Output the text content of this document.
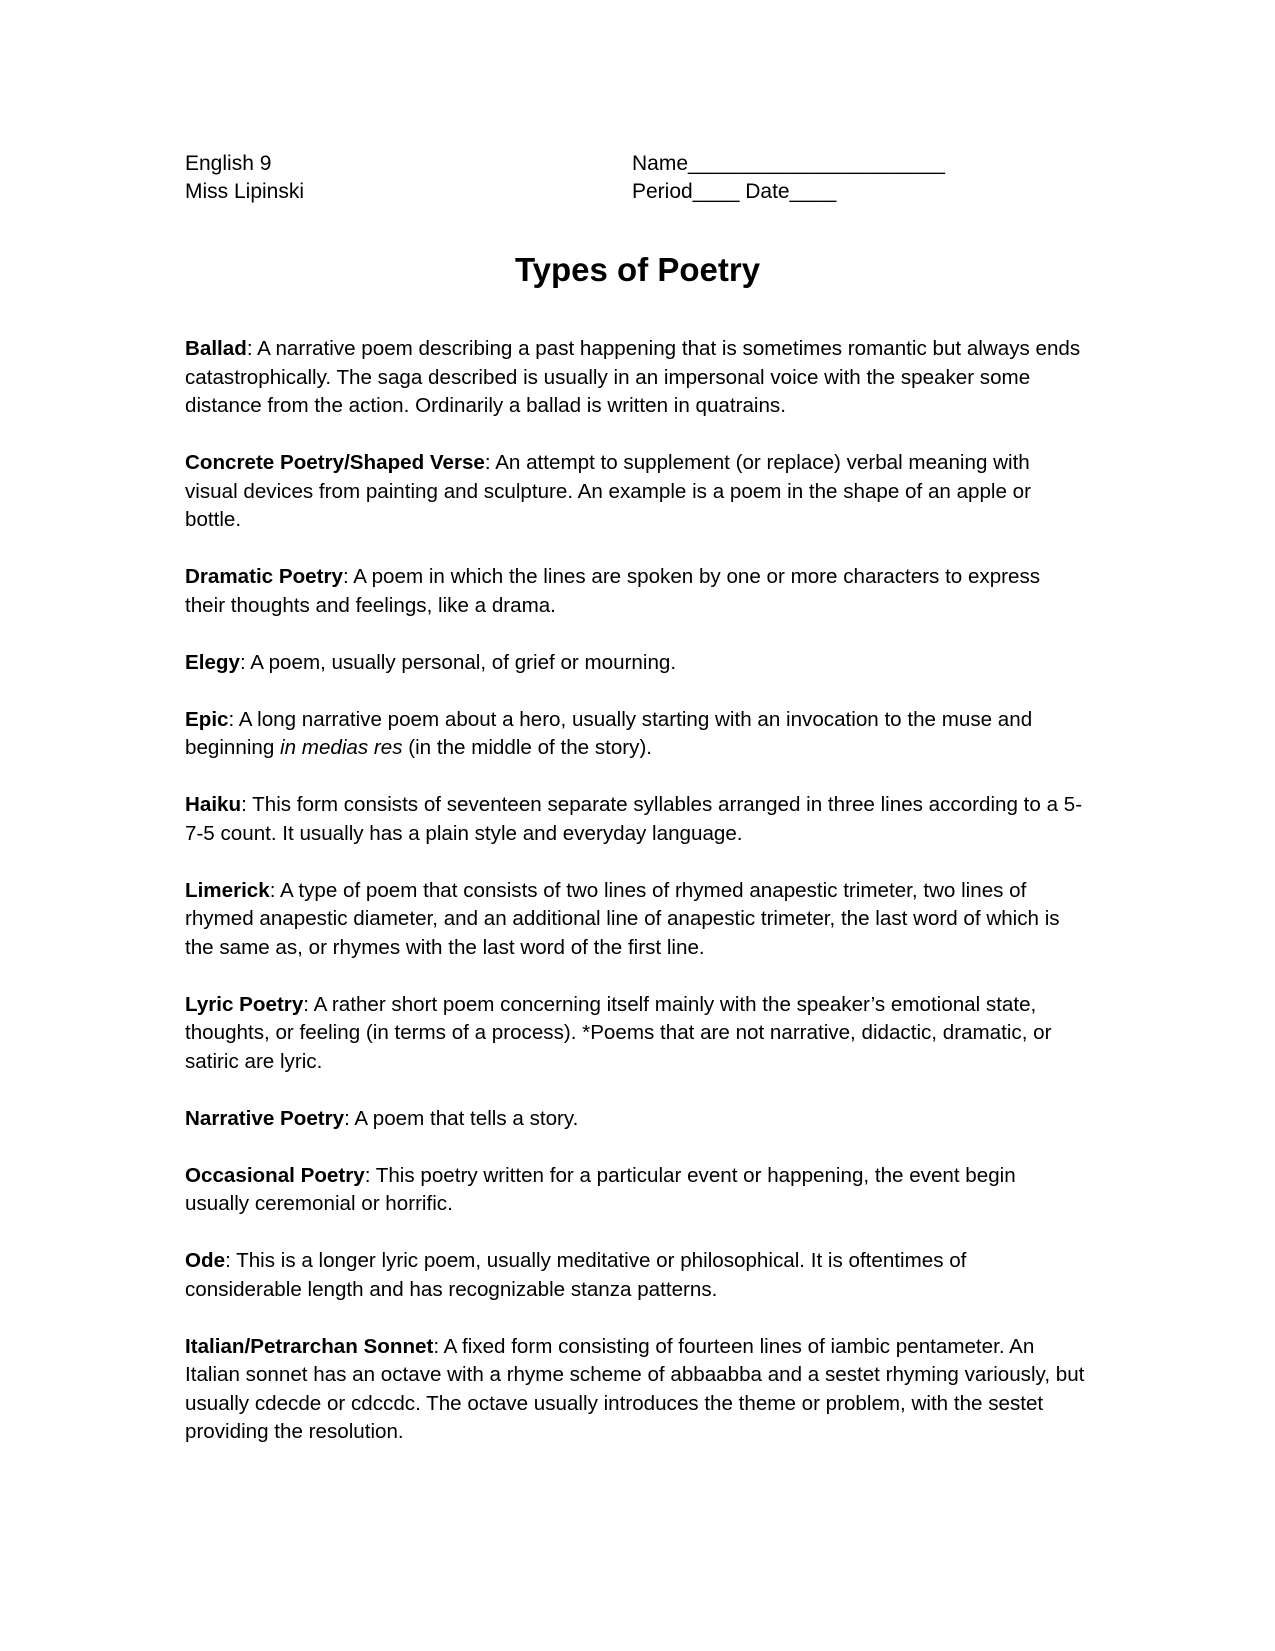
English 9
Miss Lipinski
Name______________________
Period____ Date____
Types of Poetry

Ballad: A narrative poem describing a past happening that is sometimes romantic but always ends catastrophically. The saga described is usually in an impersonal voice with the speaker some distance from the action. Ordinarily a ballad is written in quatrains.

Concrete Poetry/Shaped Verse: An attempt to supplement (or replace) verbal meaning with visual devices from painting and sculpture. An example is a poem in the shape of an apple or bottle.

Dramatic Poetry: A poem in which the lines are spoken by one or more characters to express their thoughts and feelings, like a drama.

Elegy: A poem, usually personal, of grief or mourning.

Epic: A long narrative poem about a hero, usually starting with an invocation to the muse and beginning in medias res (in the middle of the story).

Haiku: This form consists of seventeen separate syllables arranged in three lines according to a 5-7-5 count. It usually has a plain style and everyday language.

Limerick: A type of poem that consists of two lines of rhymed anapestic trimeter, two lines of rhymed anapestic diameter, and an additional line of anapestic trimeter, the last word of which is the same as, or rhymes with the last word of the first line.

Lyric Poetry: A rather short poem concerning itself mainly with the speaker’s emotional state, thoughts, or feeling (in terms of a process). *Poems that are not narrative, didactic, dramatic, or satiric are lyric.

Narrative Poetry: A poem that tells a story.

Occasional Poetry: This poetry written for a particular event or happening, the event begin usually ceremonial or horrific.

Ode: This is a longer lyric poem, usually meditative or philosophical. It is oftentimes of considerable length and has recognizable stanza patterns.

Italian/Petrarchan Sonnet: A fixed form consisting of fourteen lines of iambic pentameter. An Italian sonnet has an octave with a rhyme scheme of abbaabba and a sestet rhyming variously, but usually cdecde or cdccdc. The octave usually introduces the theme or problem, with the sestet providing the resolution.
